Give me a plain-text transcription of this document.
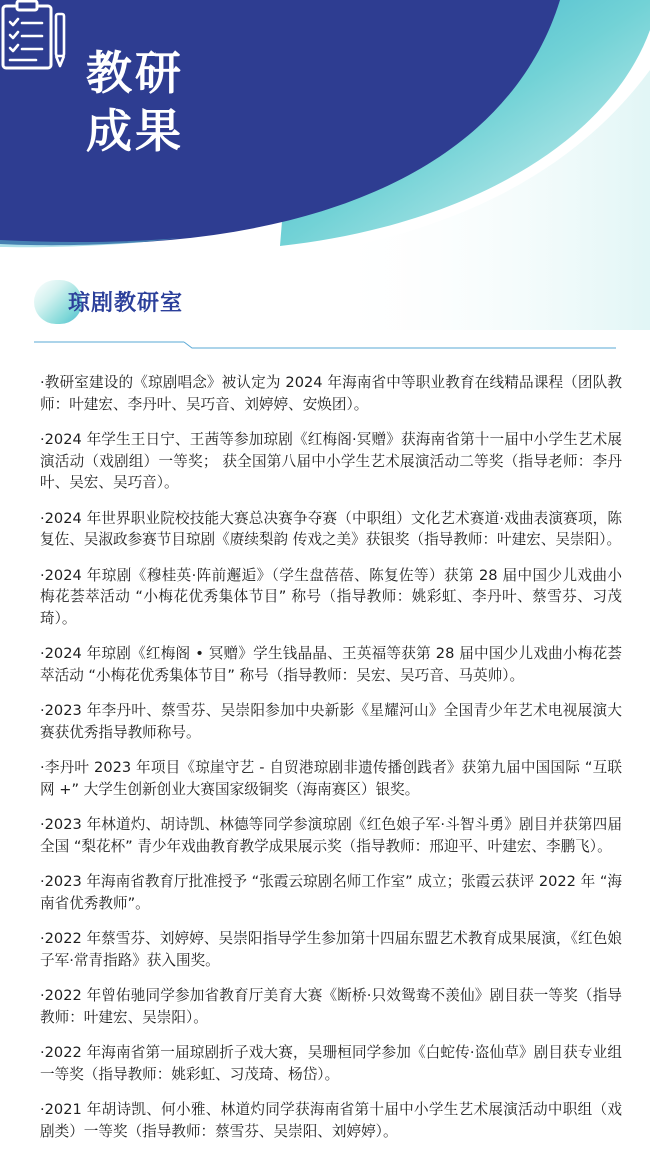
教研
成果
琼剧教研室

·教研室建设的《琼剧唱念》被认定为 2024 年海南省中等职业教育在线精品课程（团队教师：叶建宏、李丹叶、吴巧音、刘婷婷、安焕团）。

·2024 年学生王日宁、王茜等参加琼剧《红梅阁·冥赠》获海南省第十一届中小学生艺术展演活动（戏剧组）一等奖； 获全国第八届中小学生艺术展演活动二等奖（指导老师：李丹叶、吴宏、吴巧音）。

·2024 年世界职业院校技能大赛总决赛争夺赛（中职组）文化艺术赛道·戏曲表演赛项，陈复佐、吴淑政参赛节目琼剧《赓续梨韵 传戏之美》获银奖（指导教师：叶建宏、吴崇阳）。

·2024 年琼剧《穆桂英·阵前邂逅》（学生盘蓓蓓、陈复佐等）获第 28 届中国少儿戏曲小梅花荟萃活动 “小梅花优秀集体节目” 称号（指导教师：姚彩虹、李丹叶、蔡雪芬、习茂琦）。

·2024 年琼剧《红梅阁 • 冥赠》学生钱晶晶、王英福等获第 28 届中国少儿戏曲小梅花荟萃活动 “小梅花优秀集体节目” 称号（指导教师：吴宏、吴巧音、马英帅）。

·2023 年李丹叶、蔡雪芬、吴崇阳参加中央新影《星耀河山》全国青少年艺术电视展演大赛获优秀指导教师称号。

·李丹叶 2023 年项目《琼崖守艺 - 自贸港琼剧非遗传播创践者》获第九届中国国际 “互联网 +” 大学生创新创业大赛国家级铜奖（海南赛区）银奖。

·2023 年林道灼、胡诗凯、林德等同学参演琼剧《红色娘子军·斗智斗勇》剧目并获第四届全国 “梨花杯” 青少年戏曲教育教学成果展示奖（指导教师：邢迎平、叶建宏、李鹏飞）。

·2023 年海南省教育厅批准授予 “张霞云琼剧名师工作室” 成立；张霞云获评 2022 年 “海南省优秀教师”。

·2022 年蔡雪芬、刘婷婷、吴崇阳指导学生参加第十四届东盟艺术教育成果展演，《红色娘子军·常青指路》获入围奖。

·2022 年曾佑驰同学参加省教育厅美育大赛《断桥·只效鸳鸯不羡仙》剧目获一等奖（指导教师：叶建宏、吴崇阳）。

·2022 年海南省第一届琼剧折子戏大赛，吴珊桓同学参加《白蛇传·盗仙草》剧目获专业组一等奖（指导教师：姚彩虹、习茂琦、杨岱）。

·2021 年胡诗凯、何小雅、林道灼同学获海南省第十届中小学生艺术展演活动中职组（戏剧类）一等奖（指导教师：蔡雪芬、吴崇阳、刘婷婷）。
